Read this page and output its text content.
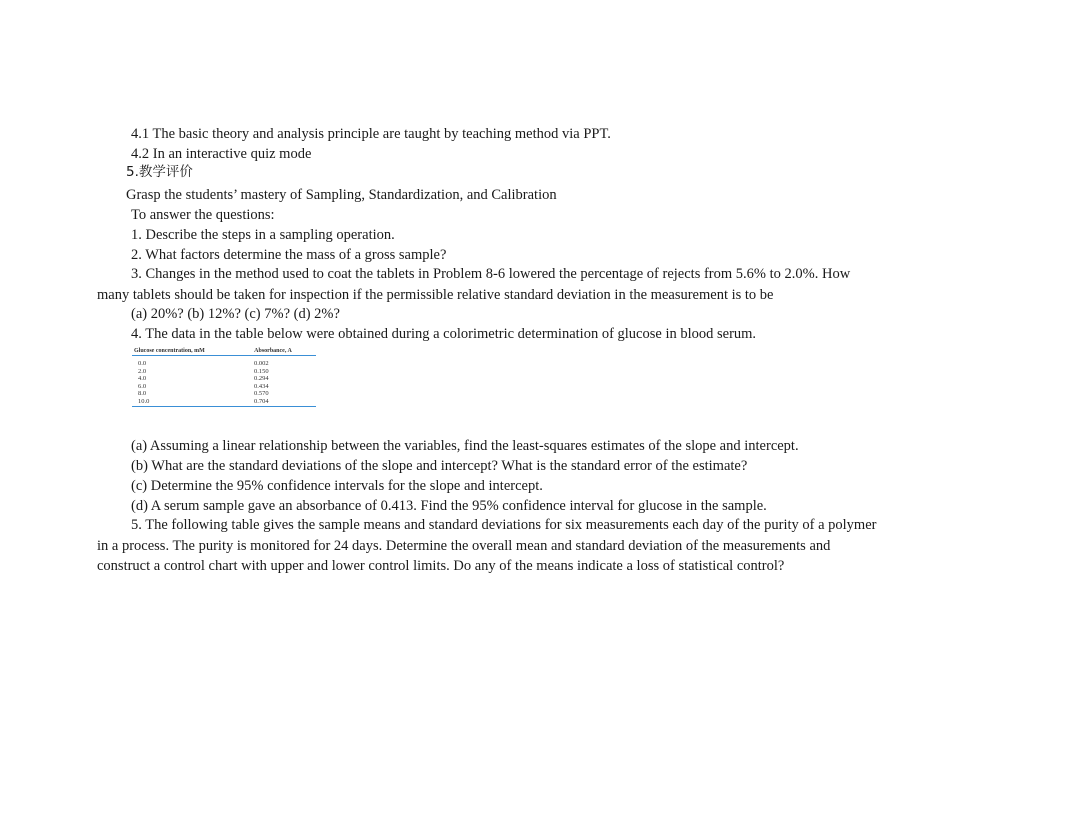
4.1 The basic theory and analysis principle are taught by teaching method via PPT.
4.2 In an interactive quiz mode
5.教学评价
Grasp the students’ mastery of Sampling, Standardization, and Calibration
To answer the questions:
1. Describe the steps in a sampling operation.
2. What factors determine the mass of a gross sample?
3. Changes in the method used to coat the tablets in Problem 8-6 lowered the percentage of rejects from 5.6% to 2.0%. How
many tablets should be taken for inspection if the permissible relative standard deviation in the measurement is to be
(a) 20%? (b) 12%? (c) 7%? (d) 2%?
4. The data in the table below were obtained during a colorimetric determination of glucose in blood serum.
Glucose concentration, mM	Absorbance, A
0.0	0.002
2.0	0.150
4.0	0.294
6.0	0.434
8.0	0.570
10.0	0.704
(a) Assuming a linear relationship between the variables, find the least-squares estimates of the slope and intercept.
(b) What are the standard deviations of the slope and intercept? What is the standard error of the estimate?
(c) Determine the 95% confidence intervals for the slope and intercept.
(d) A serum sample gave an absorbance of 0.413. Find the 95% confidence interval for glucose in the sample.
5. The following table gives the sample means and standard deviations for six measurements each day of the purity of a polymer
in a process. The purity is monitored for 24 days. Determine the overall mean and standard deviation of the measurements and
construct a control chart with upper and lower control limits. Do any of the means indicate a loss of statistical control?
